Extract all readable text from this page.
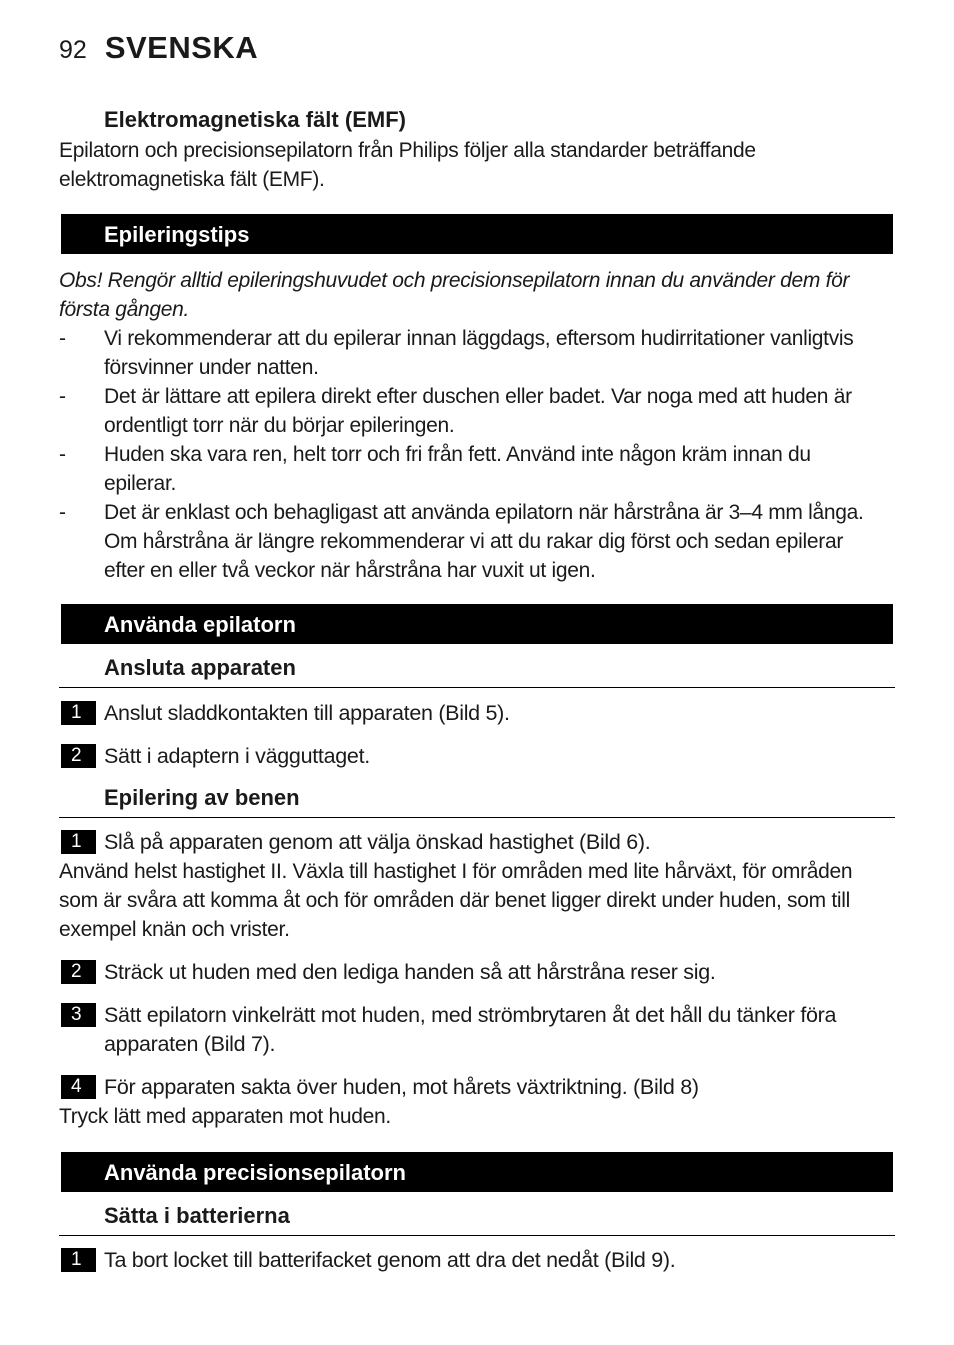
92 SVENSKA
Elektromagnetiska fält (EMF)
Epilatorn och precisionsepilatorn från Philips följer alla standarder beträffande
elektromagnetiska fält (EMF).
Epileringstips
Obs! Rengör alltid epileringshuvudet och precisionsepilatorn innan du använder dem för
första gången.
- Vi rekommenderar att du epilerar innan läggdags, eftersom hudirritationer vanligtvis
försvinner under natten.
- Det är lättare att epilera direkt efter duschen eller badet. Var noga med att huden är
ordentligt torr när du börjar epileringen.
- Huden ska vara ren, helt torr och fri från fett. Använd inte någon kräm innan du
epilerar.
- Det är enklast och behagligast att använda epilatorn när hårstråna är 3–4 mm långa.
Om hårstråna är längre rekommenderar vi att du rakar dig först och sedan epilerar
efter en eller två veckor när hårstråna har vuxit ut igen.
Använda epilatorn
Ansluta apparaten
1	Anslut sladdkontakten till apparaten (Bild 5).
2	Sätt i adaptern i vägguttaget.
Epilering av benen
1	Slå på apparaten genom att välja önskad hastighet (Bild 6).
Använd helst hastighet II. Växla till hastighet I för områden med lite hårväxt, för områden
som är svåra att komma åt och för områden där benet ligger direkt under huden, som till
exempel knän och vrister.
2	Sträck ut huden med den lediga handen så att hårstråna reser sig.
3	Sätt epilatorn vinkelrätt mot huden, med strömbrytaren åt det håll du tänker föra
apparaten (Bild 7).
4	För apparaten sakta över huden, mot hårets växtriktning. (Bild 8)
Tryck lätt med apparaten mot huden.
Använda precisionsepilatorn
Sätta i batterierna
1	Ta bort locket till batterifacket genom att dra det nedåt (Bild 9).
